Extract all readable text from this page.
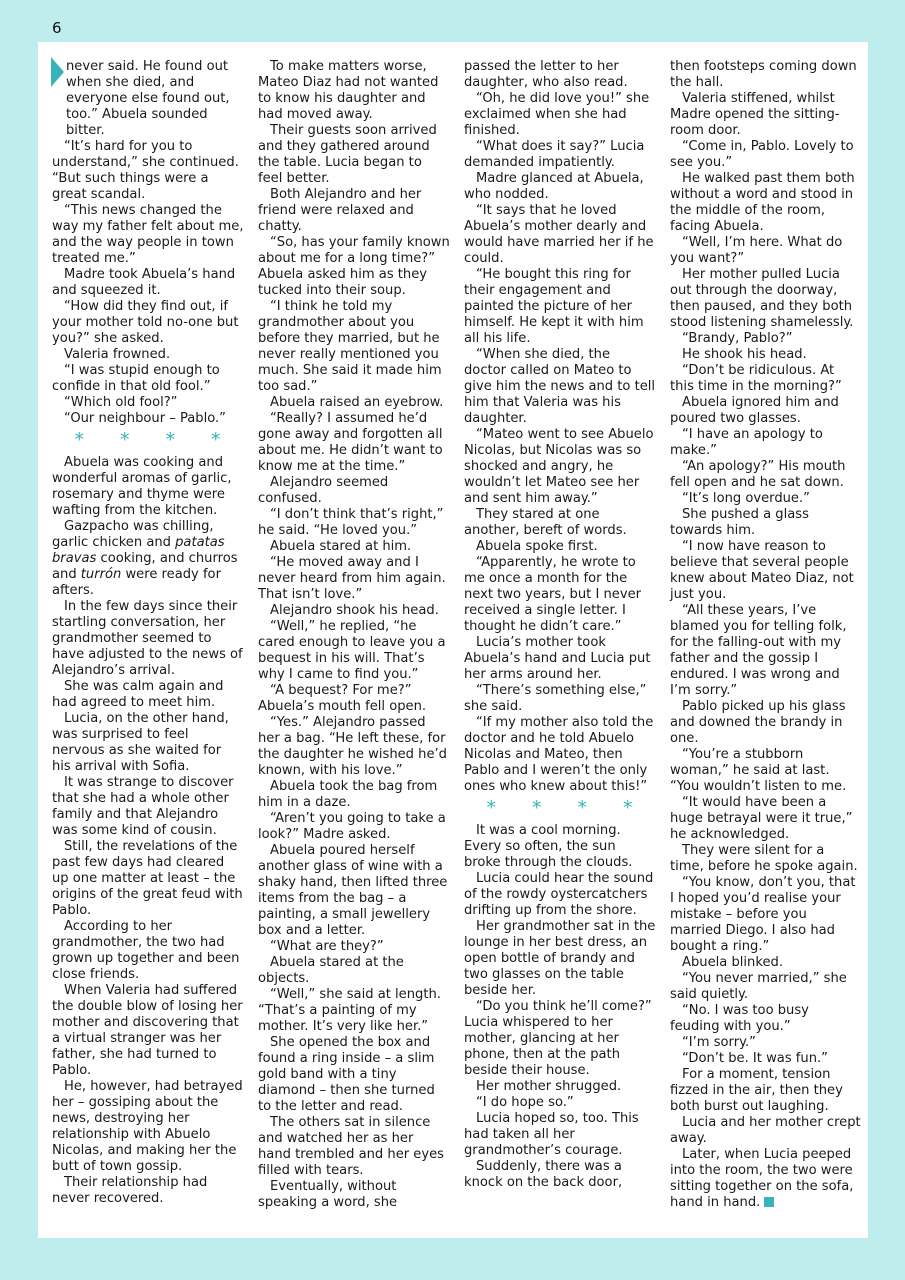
6

never said. He found out when she died, and everyone else found out, too.” Abuela sounded bitter.

“It’s hard for you to understand,” she continued. “But such things were a great scandal.

“This news changed the way my father felt about me, and the way people in town treated me.”

Madre took Abuela’s hand and squeezed it.

“How did they find out, if your mother told no-one but you?” she asked.

Valeria frowned.

“I was stupid enough to confide in that old fool.”

“Which old fool?”

“Our neighbour – Pablo.”

* * * *

Abuela was cooking and wonderful aromas of garlic, rosemary and thyme were wafting from the kitchen.

Gazpacho was chilling, garlic chicken and patatas bravas cooking, and churros and turrón were ready for afters.

In the few days since their startling conversation, her grandmother seemed to have adjusted to the news of Alejandro’s arrival.

She was calm again and had agreed to meet him.

Lucia, on the other hand, was surprised to feel nervous as she waited for his arrival with Sofia.

It was strange to discover that she had a whole other family and that Alejandro was some kind of cousin.

Still, the revelations of the past few days had cleared up one matter at least – the origins of the great feud with Pablo.

According to her grandmother, the two had grown up together and been close friends.

When Valeria had suffered the double blow of losing her mother and discovering that a virtual stranger was her father, she had turned to Pablo.

He, however, had betrayed her – gossiping about the news, destroying her relationship with Abuelo Nicolas, and making her the butt of town gossip.

Their relationship had never recovered.

To make matters worse, Mateo Diaz had not wanted to know his daughter and had moved away.

Their guests soon arrived and they gathered around the table. Lucia began to feel better.

Both Alejandro and her friend were relaxed and chatty.

“So, has your family known about me for a long time?” Abuela asked him as they tucked into their soup.

“I think he told my grandmother about you before they married, but he never really mentioned you much. She said it made him too sad.”

Abuela raised an eyebrow.

“Really? I assumed he’d gone away and forgotten all about me. He didn’t want to know me at the time.”

Alejandro seemed confused.

“I don’t think that’s right,” he said. “He loved you.”

Abuela stared at him.

“He moved away and I never heard from him again. That isn’t love.”

Alejandro shook his head.

“Well,” he replied, “he cared enough to leave you a bequest in his will. That’s why I came to find you.”

“A bequest? For me?” Abuela’s mouth fell open.

“Yes.” Alejandro passed her a bag. “He left these, for the daughter he wished he’d known, with his love.”

Abuela took the bag from him in a daze.

“Aren’t you going to take a look?” Madre asked.

Abuela poured herself another glass of wine with a shaky hand, then lifted three items from the bag – a painting, a small jewellery box and a letter.

“What are they?”

Abuela stared at the objects.

“Well,” she said at length. “That’s a painting of my mother. It’s very like her.”

She opened the box and found a ring inside – a slim gold band with a tiny diamond – then she turned to the letter and read.

The others sat in silence and watched her as her hand trembled and her eyes filled with tears.

Eventually, without speaking a word, she

passed the letter to her daughter, who also read.

“Oh, he did love you!” she exclaimed when she had finished.

“What does it say?” Lucia demanded impatiently.

Madre glanced at Abuela, who nodded.

“It says that he loved Abuela’s mother dearly and would have married her if he could.

“He bought this ring for their engagement and painted the picture of her himself. He kept it with him all his life.

“When she died, the doctor called on Mateo to give him the news and to tell him that Valeria was his daughter.

“Mateo went to see Abuelo Nicolas, but Nicolas was so shocked and angry, he wouldn’t let Mateo see her and sent him away.”

They stared at one another, bereft of words.

Abuela spoke first.

“Apparently, he wrote to me once a month for the next two years, but I never received a single letter. I thought he didn’t care.”

Lucia’s mother took Abuela’s hand and Lucia put her arms around her.

“There’s something else,” she said.

“If my mother also told the doctor and he told Abuelo Nicolas and Mateo, then Pablo and I weren’t the only ones who knew about this!”

* * * *

It was a cool morning. Every so often, the sun broke through the clouds.

Lucia could hear the sound of the rowdy oystercatchers drifting up from the shore.

Her grandmother sat in the lounge in her best dress, an open bottle of brandy and two glasses on the table beside her.

“Do you think he’ll come?” Lucia whispered to her mother, glancing at her phone, then at the path beside their house.

Her mother shrugged.

“I do hope so.”

Lucia hoped so, too. This had taken all her grandmother’s courage.

Suddenly, there was a knock on the back door,

then footsteps coming down the hall.

Valeria stiffened, whilst Madre opened the sitting-room door.

“Come in, Pablo. Lovely to see you.”

He walked past them both without a word and stood in the middle of the room, facing Abuela.

“Well, I’m here. What do you want?”

Her mother pulled Lucia out through the doorway, then paused, and they both stood listening shamelessly.

“Brandy, Pablo?”

He shook his head.

“Don’t be ridiculous. At this time in the morning?”

Abuela ignored him and poured two glasses.

“I have an apology to make.”

“An apology?” His mouth fell open and he sat down.

“It’s long overdue.”

She pushed a glass towards him.

“I now have reason to believe that several people knew about Mateo Diaz, not just you.

“All these years, I’ve blamed you for telling folk, for the falling-out with my father and the gossip I endured. I was wrong and I’m sorry.”

Pablo picked up his glass and downed the brandy in one.

“You’re a stubborn woman,” he said at last. “You wouldn’t listen to me.

“It would have been a huge betrayal were it true,” he acknowledged.

They were silent for a time, before he spoke again.

“You know, don’t you, that I hoped you’d realise your mistake – before you married Diego. I also had bought a ring.”

Abuela blinked.

“You never married,” she said quietly.

“No. I was too busy feuding with you.”

“I’m sorry.”

“Don’t be. It was fun.”

For a moment, tension fizzed in the air, then they both burst out laughing.

Lucia and her mother crept away.

Later, when Lucia peeped into the room, the two were sitting together on the sofa, hand in hand.
